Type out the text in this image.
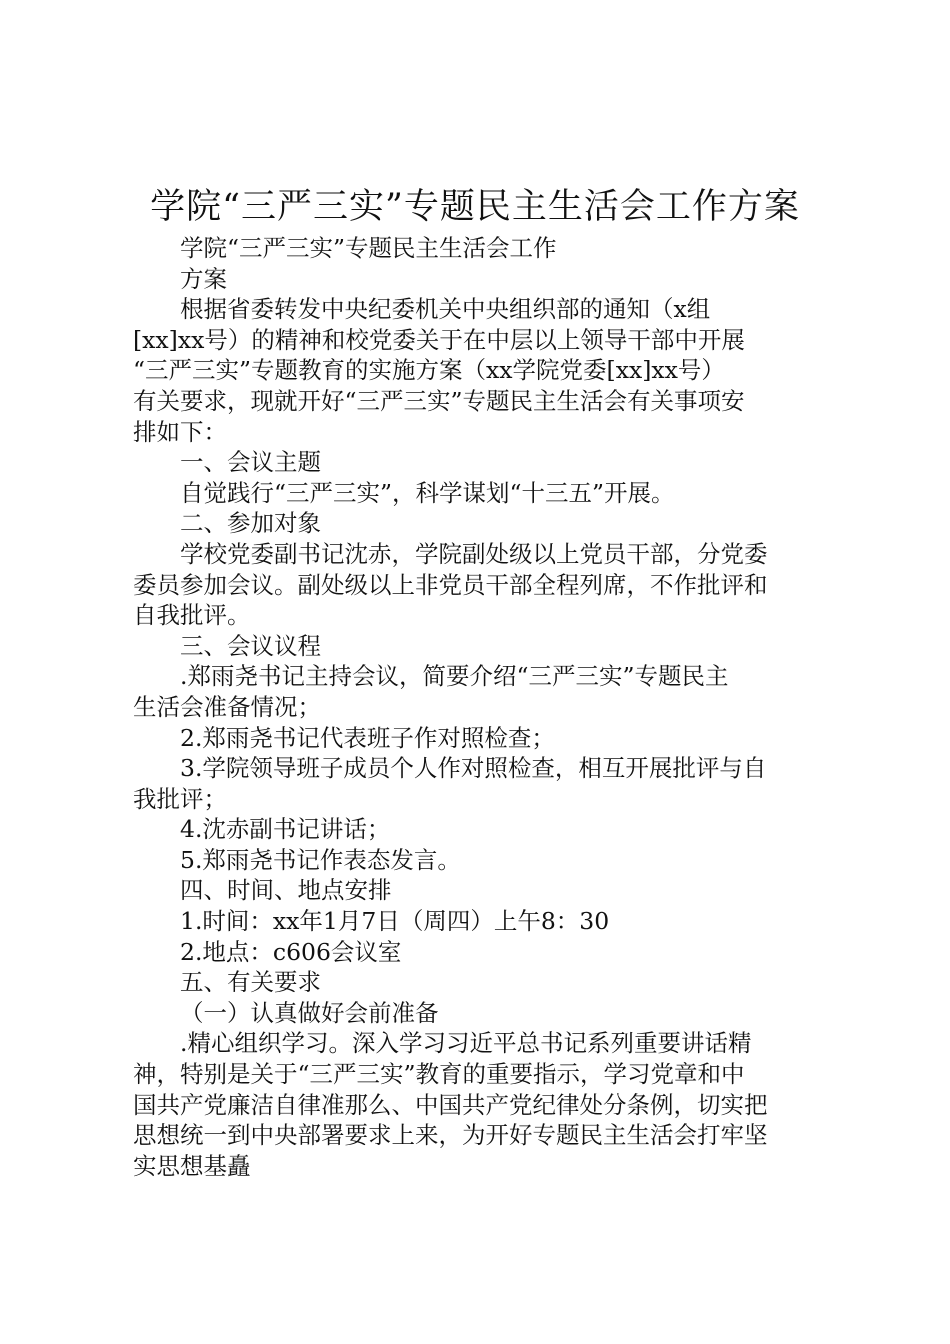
学院“三严三实”专题民主生活会工作方案
学院“三严三实”专题民主生活会工作
方案
根据省委转发中央纪委机关中央组织部的通知（x组
[xx]xx号）的精神和校党委关于在中层以上领导干部中开展
“三严三实”专题教育的实施方案（xx学院党委[xx]xx号）
有关要求，现就开好“三严三实”专题民主生活会有关事项安
排如下：
一、会议主题
自觉践行“三严三实”，科学谋划“十三五”开展。
二、参加对象
学校党委副书记沈赤，学院副处级以上党员干部，分党委
委员参加会议。副处级以上非党员干部全程列席，不作批评和
自我批评。
三、会议议程
.郑雨尧书记主持会议，简要介绍“三严三实”专题民主
生活会准备情况；
2.郑雨尧书记代表班子作对照检查；
3.学院领导班子成员个人作对照检查，相互开展批评与自
我批评；
4.沈赤副书记讲话；
5.郑雨尧书记作表态发言。
四、时间、地点安排
1.时间：xx年1月7日（周四）上午8：30
2.地点：c606会议室
五、有关要求
（一）认真做好会前准备
.精心组织学习。深入学习习近平总书记系列重要讲话精
神，特别是关于“三严三实”教育的重要指示，学习党章和中
国共产党廉洁自律准那么、中国共产党纪律处分条例，切实把
思想统一到中央部署要求上来，为开好专题民主生活会打牢坚
实思想基矗
